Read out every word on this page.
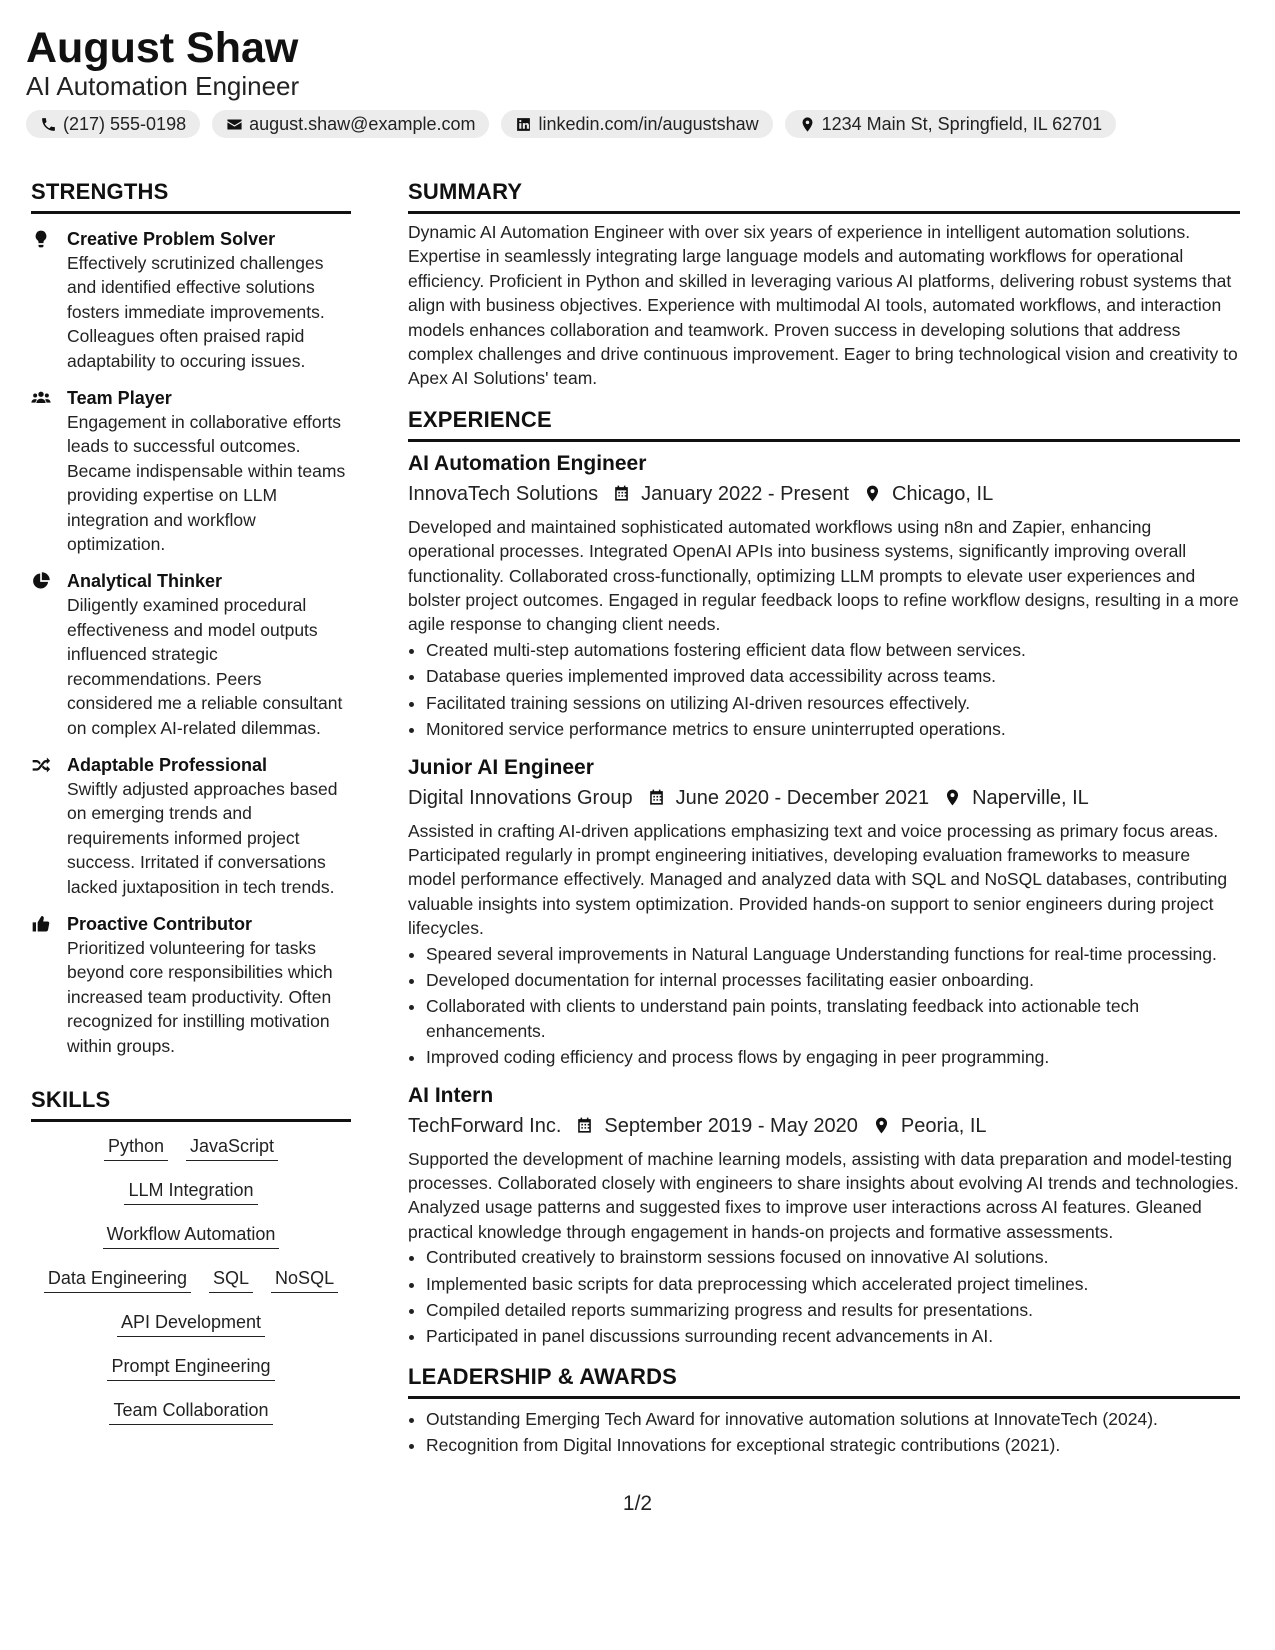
August Shaw
AI Automation Engineer
(217) 555-0198	august.shaw@example.com	linkedin.com/in/augustshaw	1234 Main St, Springfield, IL 62701
STRENGTHS
Creative Problem Solver
Effectively scrutinized challenges and identified effective solutions fosters immediate improvements. Colleagues often praised rapid adaptability to occuring issues.
Team Player
Engagement in collaborative efforts leads to successful outcomes. Became indispensable within teams providing expertise on LLM integration and workflow optimization.
Analytical Thinker
Diligently examined procedural effectiveness and model outputs influenced strategic recommendations. Peers considered me a reliable consultant on complex AI-related dilemmas.
Adaptable Professional
Swiftly adjusted approaches based on emerging trends and requirements informed project success. Irritated if conversations lacked juxtaposition in tech trends.
Proactive Contributor
Prioritized volunteering for tasks beyond core responsibilities which increased team productivity. Often recognized for instilling motivation within groups.
SKILLS
Python JavaScript
LLM Integration
Workflow Automation
Data Engineering SQL NoSQL
API Development
Prompt Engineering
Team Collaboration
SUMMARY
Dynamic AI Automation Engineer with over six years of experience in intelligent automation solutions. Expertise in seamlessly integrating large language models and automating workflows for operational efficiency. Proficient in Python and skilled in leveraging various AI platforms, delivering robust systems that align with business objectives. Experience with multimodal AI tools, automated workflows, and interaction models enhances collaboration and teamwork. Proven success in developing solutions that address complex challenges and drive continuous improvement. Eager to bring technological vision and creativity to Apex AI Solutions' team.
EXPERIENCE
AI Automation Engineer
InnovaTech Solutions January 2022 - Present Chicago, IL
Developed and maintained sophisticated automated workflows using n8n and Zapier, enhancing operational processes. Integrated OpenAI APIs into business systems, significantly improving overall functionality. Collaborated cross-functionally, optimizing LLM prompts to elevate user experiences and bolster project outcomes. Engaged in regular feedback loops to refine workflow designs, resulting in a more agile response to changing client needs.
• Created multi-step automations fostering efficient data flow between services.
• Database queries implemented improved data accessibility across teams.
• Facilitated training sessions on utilizing AI-driven resources effectively.
• Monitored service performance metrics to ensure uninterrupted operations.
Junior AI Engineer
Digital Innovations Group June 2020 - December 2021 Naperville, IL
Assisted in crafting AI-driven applications emphasizing text and voice processing as primary focus areas. Participated regularly in prompt engineering initiatives, developing evaluation frameworks to measure model performance effectively. Managed and analyzed data with SQL and NoSQL databases, contributing valuable insights into system optimization. Provided hands-on support to senior engineers during project lifecycles.
• Speared several improvements in Natural Language Understanding functions for real-time processing.
• Developed documentation for internal processes facilitating easier onboarding.
• Collaborated with clients to understand pain points, translating feedback into actionable tech enhancements.
• Improved coding efficiency and process flows by engaging in peer programming.
AI Intern
TechForward Inc. September 2019 - May 2020 Peoria, IL
Supported the development of machine learning models, assisting with data preparation and model-testing processes. Collaborated closely with engineers to share insights about evolving AI trends and technologies. Analyzed usage patterns and suggested fixes to improve user interactions across AI features. Gleaned practical knowledge through engagement in hands-on projects and formative assessments.
• Contributed creatively to brainstorm sessions focused on innovative AI solutions.
• Implemented basic scripts for data preprocessing which accelerated project timelines.
• Compiled detailed reports summarizing progress and results for presentations.
• Participated in panel discussions surrounding recent advancements in AI.
LEADERSHIP & AWARDS
• Outstanding Emerging Tech Award for innovative automation solutions at InnovateTech (2024).
• Recognition from Digital Innovations for exceptional strategic contributions (2021).
1/2
